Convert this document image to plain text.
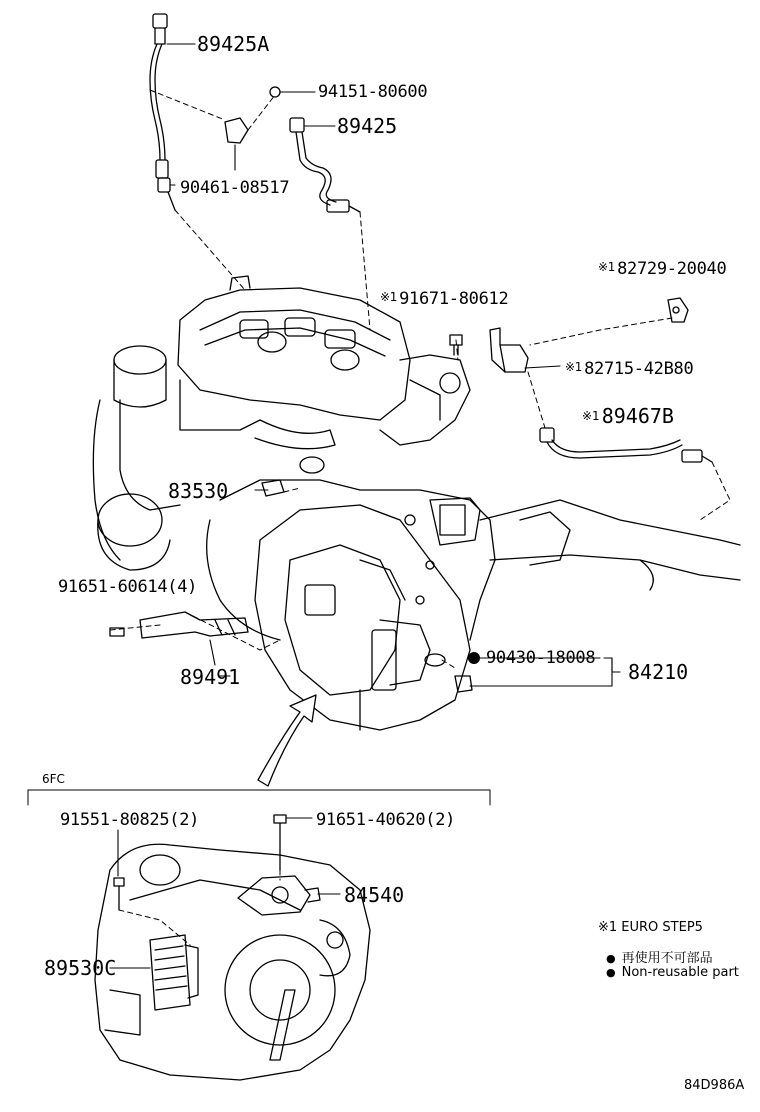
89425A
94151-80600
89425
90461-08517
※1 82729-20040
※1 91671-80612
※1 82715-42B80
※1 89467B
83530
91651-60614(4)
89491
90430-18008
84210
6FC
91551-80825(2)	91651-40620(2)
84540
89530C
※1 EURO STEP5
● 再使用不可部品
● Non-reusable part
84D986A
